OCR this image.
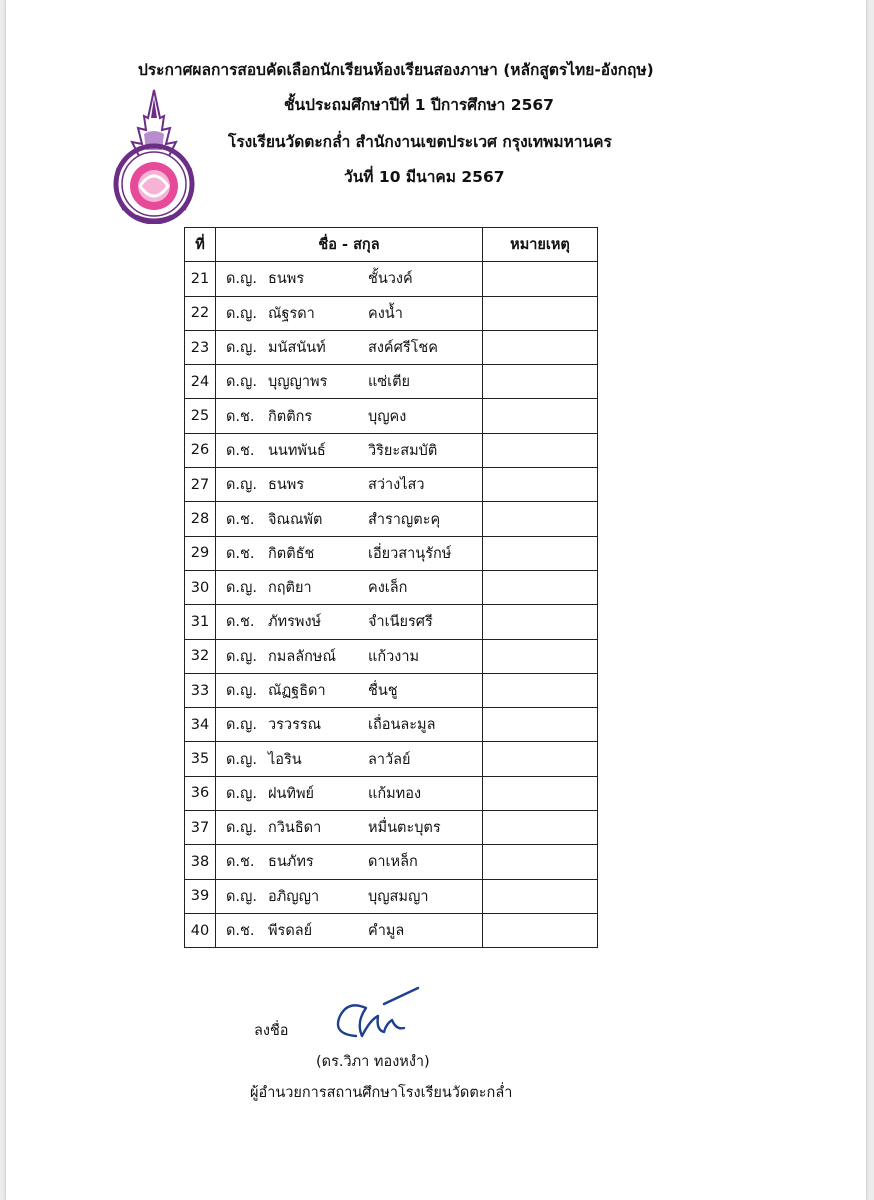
ประกาศผลการสอบคัดเลือกนักเรียนห้องเรียนสองภาษา (หลักสูตรไทย-อังกฤษ)
ชั้นประถมศึกษาปีที่ 1 ปีการศึกษา 2567
โรงเรียนวัดตะกล่ำ สำนักงานเขตประเวศ กรุงเทพมหานคร
วันที่ 10 มีนาคม 2567
ที่	ชื่อ - สกุล	หมายเหตุ
21	ด.ญ. ธนพร ชั้นวงค์	
22	ด.ญ. ณัฐรดา คงน้ำ	
23	ด.ญ. มนัสนันท์ สงค์ศรีโชค	
24	ด.ญ. บุญญาพร แซ่เตีย	
25	ด.ช. กิตติกร บุญคง	
26	ด.ช. นนทพันธ์ วิริยะสมบัติ	
27	ด.ญ. ธนพร สว่างไสว	
28	ด.ช. จิณณพัต สำราญตะคุ	
29	ด.ช. กิตติธัช เอี่ยวสานุรักษ์	
30	ด.ญ. กฤติยา คงเล็ก	
31	ด.ช. ภัทรพงษ์ จำเนียรศรี	
32	ด.ญ. กมลลักษณ์ แก้วงาม	
33	ด.ญ. ณัฏฐธิดา ชื่นชู	
34	ด.ญ. วรวรรณ เถื่อนละมูล	
35	ด.ญ. ไอริน ลาวัลย์	
36	ด.ญ. ฝนทิพย์ แก้มทอง	
37	ด.ญ. กวินธิดา หมื่นตะบุตร	
38	ด.ช. ธนภัทร ดาเหล็ก	
39	ด.ญ. อภิญญา บุญสมญา	
40	ด.ช. พีรดลย์ คำมูล	
ลงชื่อ
(ดร.วิภา ทองหงำ)
ผู้อำนวยการสถานศึกษาโรงเรียนวัดตะกล่ำ
